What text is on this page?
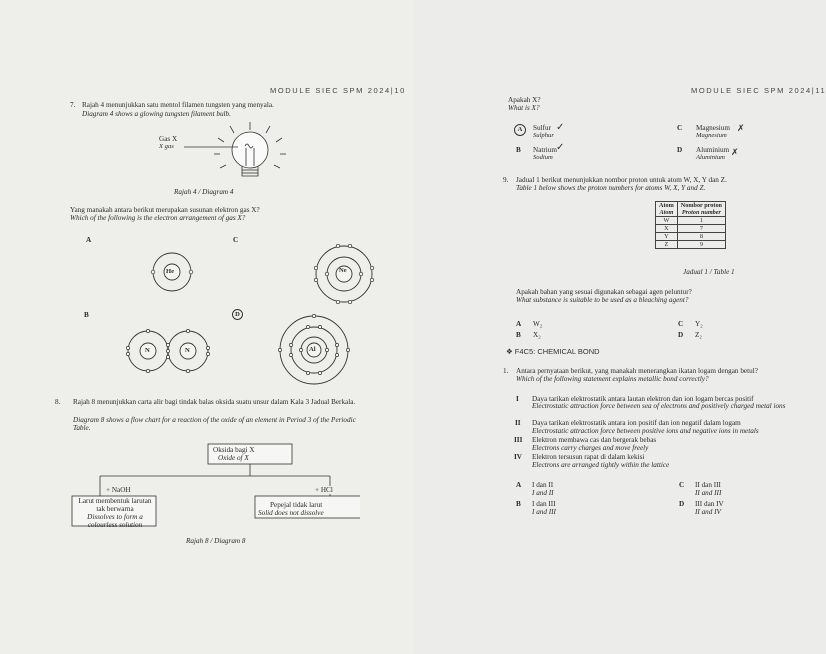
MODULE SIEC SPM 2024|10
7. Rajah 4 menunjukkan satu mentol filamen tungsten yang menyala.
Diagram 4 shows a glowing tungsten filament bulb.
Gas X
X gas
Rajah 4 / Diagram 4
Yang manakah antara berikut merupakan susunan elektron gas X?
Which of the following is the electron arrangement of gas X?
A	C
B	D
He	Ne
N	N	Al
8. Rajah 8 menunjukkan carta alir bagi tindak balas oksida suatu unsur dalam Kala 3 Jadual Berkala.
Diagram 8 shows a flow chart for a reaction of the oxide of an element in Period 3 of the Periodic Table.
Oksida bagi X
Oxide of X
+ NaOH	+ HCl
Larut membentuk larutan tak berwarna
Dissolves to form a colourless solution
Pepejal tidak larut
Solid does not dissolve
Rajah 8 / Diagram 8
MODULE SIEC SPM 2024|11
Apakah X?
What is X?
A	Sulfur
Sulphur
✓
B Natrium
Sodium
✓
C Magnesium
Magnesium
✗
D Aluminium
Aluminium ✗
9. Jadual 1 berikut menunjukkan nombor proton untuk atom W, X, Y dan Z.
Table 1 below shows the proton numbers for atoms W, X, Y and Z.
Atom
Atom	Nombor proton
Proton number
W	1
X	7
Y	8
Z	9
Jadual 1 / Table 1
Apakah bahan yang sesuai digunakan sebagai agen peluntur?
What substance is suitable to be used as a bleaching agent?
A W₂
B X₂
C Y₂
D Z₂
❖ F4C5: CHEMICAL BOND
1. Antara pernyataan berikut, yang manakah menerangkan ikatan logam dengan betul?
Which of the following statement explains metallic bond correctly?
I Daya tarikan elektrostatik antara lautan elektron dan ion logam bercas positif
Electrostatic attraction force between sea of electrons and positively charged metal ions
II Daya tarikan elektrostatik antara ion positif dan ion negatif dalam logam
Electrostatic attraction force between positive ions and negative ions in metals
III Elektron membawa cas dan bergerak bebas
Electrons carry charges and move freely
IV Elektron tersusun rapat di dalam kekisi
Electrons are arranged tightly within the lattice
A I dan II
I and II
B I dan III
I and III
C II dan III
II and III
D III dan IV
II and IV
